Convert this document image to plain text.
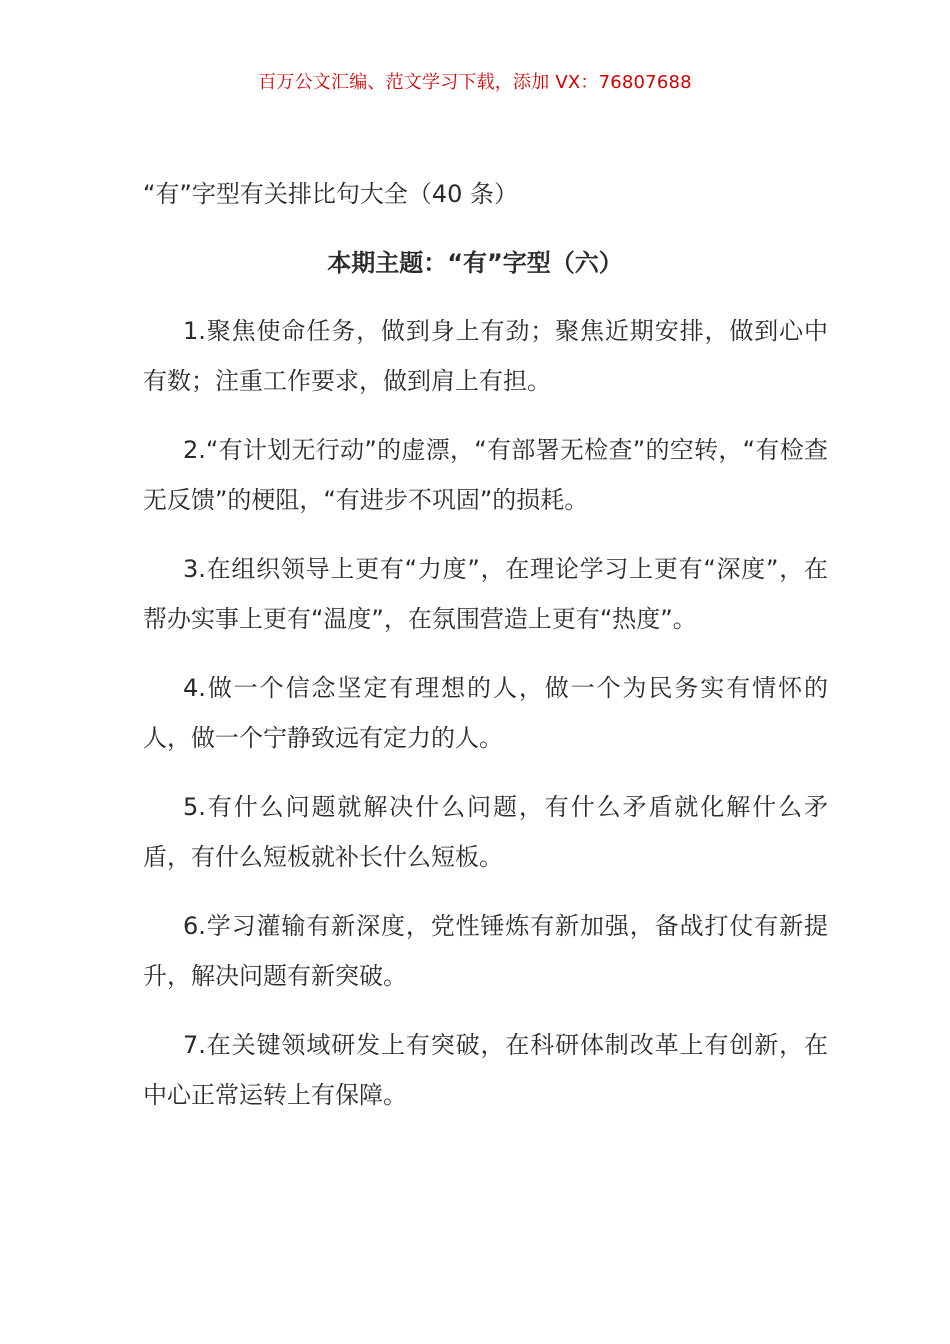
百万公文汇编、范文学习下载，添加 VX：76807688
“有”字型有关排比句大全（40 条）
本期主题：“有”字型（六）

1.聚焦使命任务，做到身上有劲；聚焦近期安排，做到心中有数；注重工作要求，做到肩上有担。

2.“有计划无行动”的虚漂，“有部署无检查”的空转，“有检查无反馈”的梗阻，“有进步不巩固”的损耗。

3.在组织领导上更有“力度”，在理论学习上更有“深度”，在帮办实事上更有“温度”，在氛围营造上更有“热度”。

4.做一个信念坚定有理想的人，做一个为民务实有情怀的人，做一个宁静致远有定力的人。

5.有什么问题就解决什么问题，有什么矛盾就化解什么矛盾，有什么短板就补长什么短板。

6.学习灌输有新深度，党性锤炼有新加强，备战打仗有新提升，解决问题有新突破。

7.在关键领域研发上有突破，在科研体制改革上有创新，在中心正常运转上有保障。
